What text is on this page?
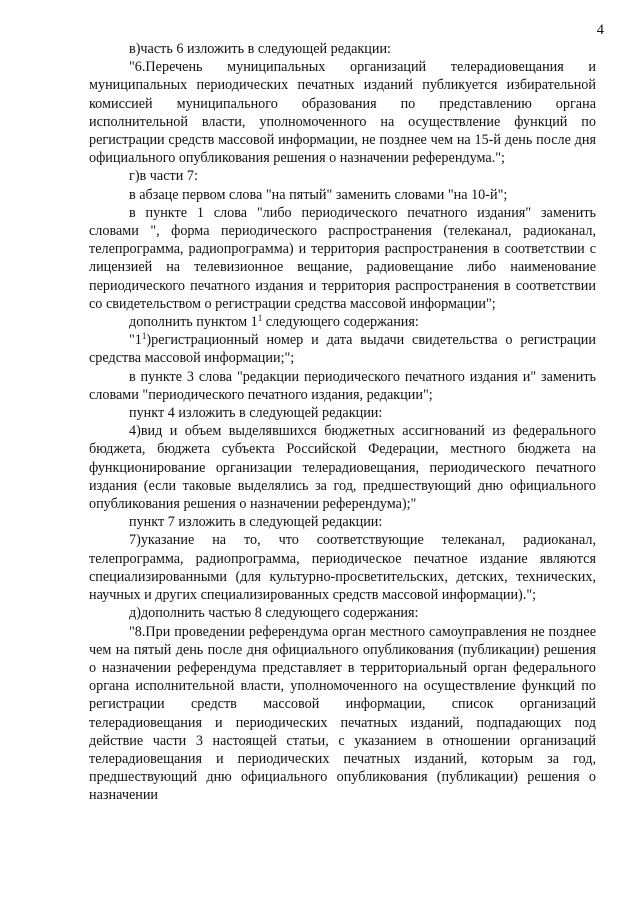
4

в)часть 6 изложить в следующей редакции:

"6.Перечень муниципальных организаций телерадиовещания и муниципальных периодических печатных изданий публикуется избирательной комиссией муниципального образования по представлению органа исполнительной власти, уполномоченного на осуществление функций по регистрации средств массовой информации, не позднее чем на 15-й день после дня официального опубликования решения о назначении референдума.";

г)в части 7:

в абзаце первом слова "на пятый" заменить словами "на 10-й";

в пункте 1 слова "либо периодического печатного издания" заменить словами ", форма периодического распространения (телеканал, радиоканал, телепрограмма, радиопрограмма) и территория распространения в соответствии с лицензией на телевизионное вещание, радиовещание либо наименование периодического печатного издания и территория распространения в соответствии со свидетельством о регистрации средства массовой информации";

дополнить пунктом $1^1$ следующего содержания:

"$1^1)регистрационный$ номер и дата выдачи свидетельства о регистрации средства массовой информации;";

в пункте 3 слова "редакции периодического печатного издания и" заменить словами "периодического печатного издания, редакции";

пункт 4 изложить в следующей редакции:

4)вид и объем выделявшихся бюджетных ассигнований из федерального бюджета, бюджета субъекта Российской Федерации, местного бюджета на функционирование организации телерадиовещания, периодического печатного издания (если таковые выделялись за год, предшествующий дню официального опубликования решения о назначении референдума);"

пункт 7 изложить в следующей редакции:

7)указание на то, что соответствующие телеканал, радиоканал, телепрограмма, радиопрограмма, периодическое печатное издание являются специализированными (для культурно-просветительских, детских, технических, научных и других специализированных средств массовой информации).";

д)дополнить частью 8 следующего содержания:

"8.При проведении референдума орган местного самоуправления не позднее чем на пятый день после дня официального опубликования (публикации) решения о назначении референдума представляет в территориальный орган федерального органа исполнительной власти, уполномоченного на осуществление функций по регистрации средств массовой информации, список организаций телерадиовещания и периодических печатных изданий, подпадающих под действие части 3 настоящей статьи, с указанием в отношении организаций телерадиовещания и периодических печатных изданий, которым за год, предшествующий дню официального опубликования (публикации) решения о назначении
